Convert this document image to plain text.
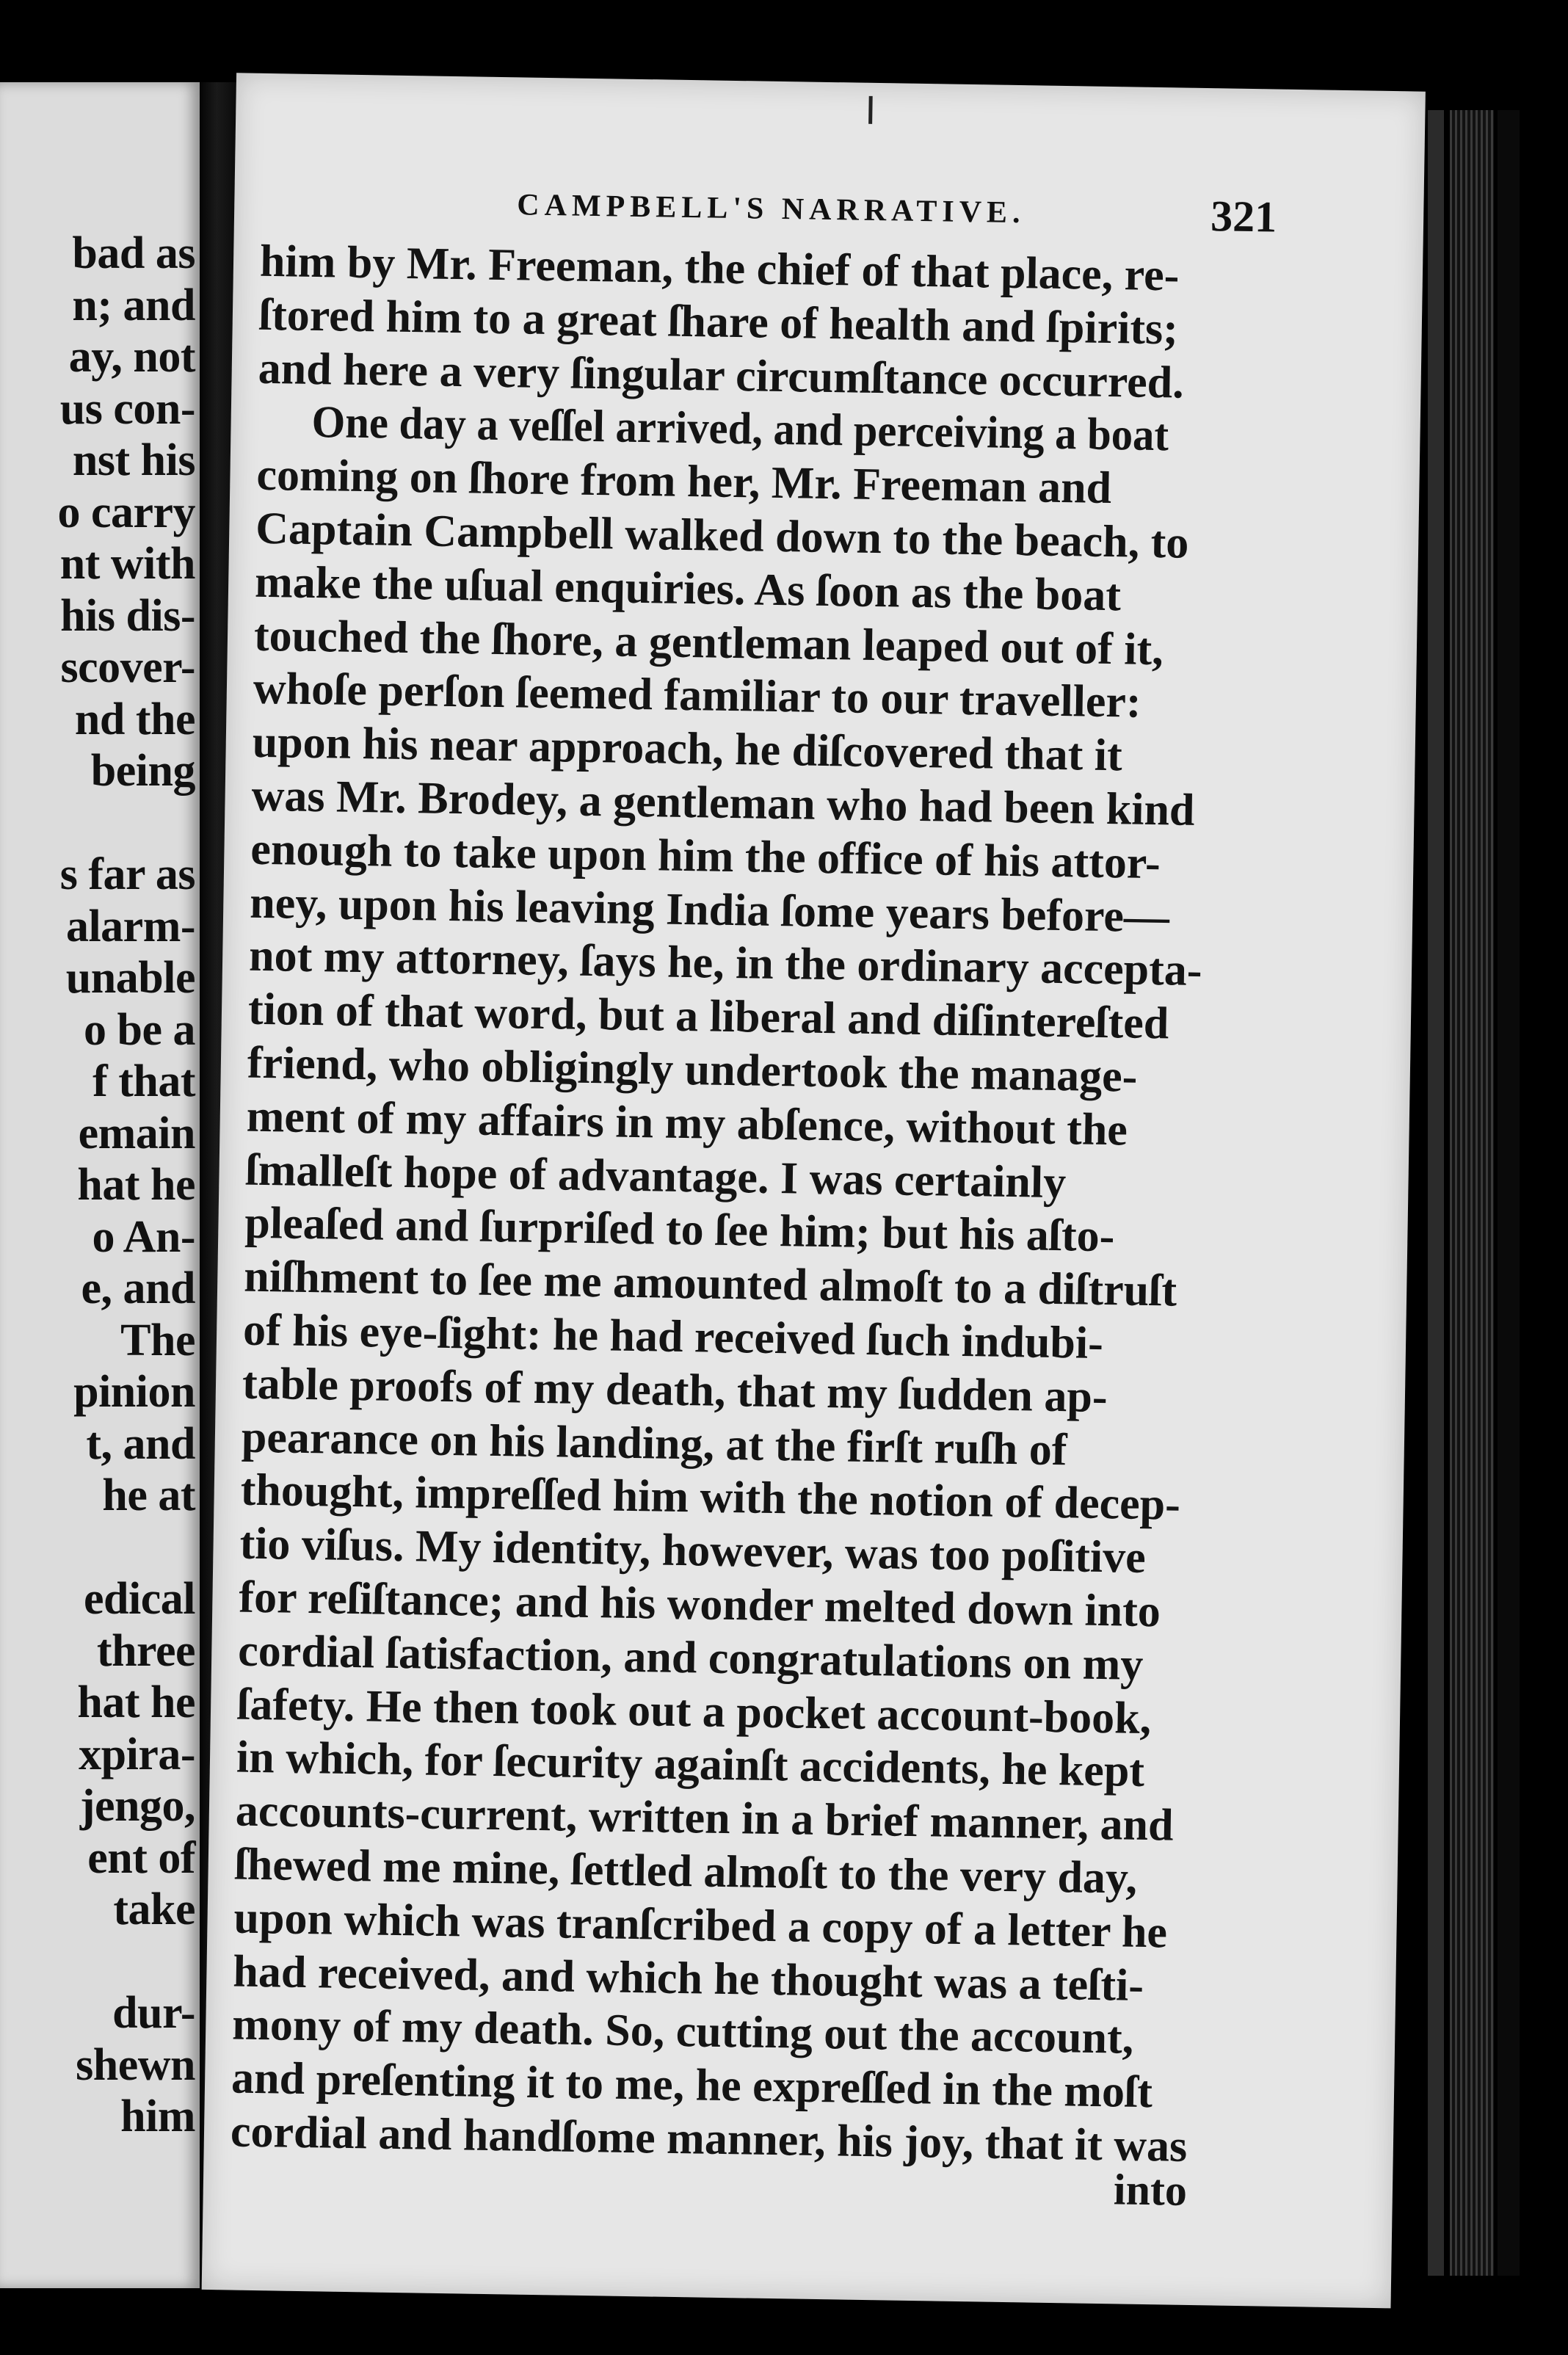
bad as
n; and
ay, not
us con-
nst his
o carry
nt with
his dis-
scover-
nd the
being
s far as
alarm-
unable
o be a
f that
emain
hat he
o An-
e, and
The
pinion
t, and
he at
edical
three
hat he
xpira-
jengo,
ent of
take
dur-
shewn
him
CAMPBELL'S NARRATIVE.	321
into
him by Mr. Freeman, the chief of that place, re-
ſtored him to a great ſhare of health and ſpirits;
and here a very ſingular circumſtance occurred.
One day a veſſel arrived, and perceiving a boat
coming on ſhore from her, Mr. Freeman and
Captain Campbell walked down to the beach, to
make the uſual enquiries. As ſoon as the boat
touched the ſhore, a gentleman leaped out of it,
whoſe perſon ſeemed familiar to our traveller:
upon his near approach, he diſcovered that it
was Mr. Brodey, a gentleman who had been kind
enough to take upon him the office of his attor-
ney, upon his leaving India ſome years before—
not my attorney, ſays he, in the ordinary accepta-
tion of that word, but a liberal and diſintereſted
friend, who obligingly undertook the manage-
ment of my affairs in my abſence, without the
ſmalleſt hope of advantage. I was certainly
pleaſed and ſurpriſed to ſee him; but his aſto-
niſhment to ſee me amounted almoſt to a diſtruſt
of his eye-ſight: he had received ſuch indubi-
table proofs of my death, that my ſudden ap-
pearance on his landing, at the firſt ruſh of
thought, impreſſed him with the notion of decep-
tio viſus. My identity, however, was too poſitive
for reſiſtance; and his wonder melted down into
cordial ſatisfaction, and congratulations on my
ſafety. He then took out a pocket account-book,
in which, for ſecurity againſt accidents, he kept
accounts-current, written in a brief manner, and
ſhewed me mine, ſettled almoſt to the very day,
upon which was tranſcribed a copy of a letter he
had received, and which he thought was a teſti-
mony of my death. So, cutting out the account,
and preſenting it to me, he expreſſed in the moſt
cordial and handſome manner, his joy, that it was
